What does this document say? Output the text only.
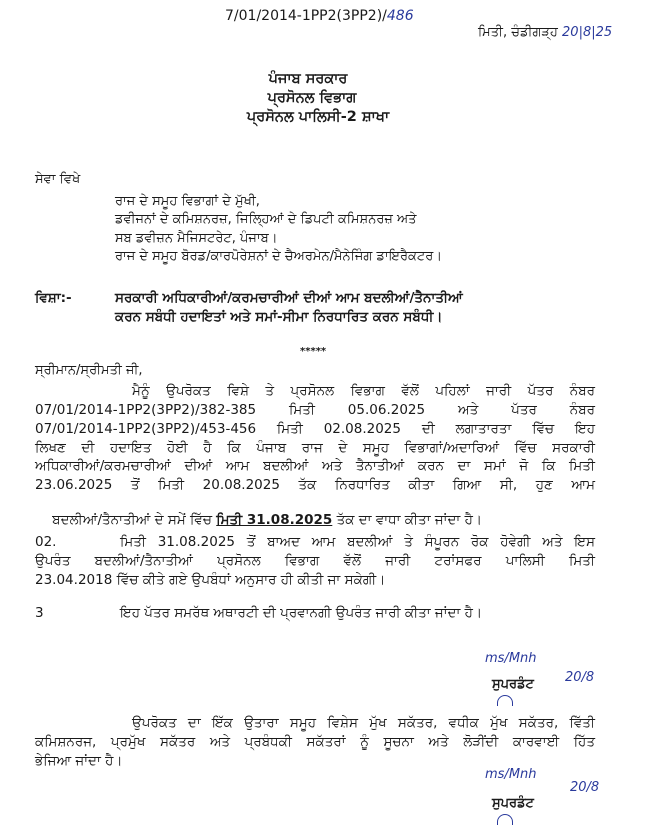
7/01/2014-1PP2(3PP2)/486
ਮਿਤੀ, ਚੰਡੀਗੜ੍ਹ 20|8|25
ਪੰਜਾਬ ਸਰਕਾਰ
ਪ੍ਰਸੋਨਲ ਵਿਭਾਗ
ਪ੍ਰਸੋਨਲ ਪਾਲਿਸੀ-2 ਸ਼ਾਖਾ
ਸੇਵਾ ਵਿਖੇ
ਰਾਜ ਦੇ ਸਮੂਹ ਵਿਭਾਗਾਂ ਦੇ ਮੁੱਖੀ,
ਡਵੀਜਨਾਂ ਦੇ ਕਮਿਸ਼ਨਰਜ਼, ਜਿਲ੍ਹਿਆਂ ਦੇ ਡਿਪਟੀ ਕਮਿਸ਼ਨਰਜ਼ ਅਤੇ
ਸਬ ਡਵੀਜ਼ਨ ਮੈਜਿਸਟਰੇਟ, ਪੰਜਾਬ।
ਰਾਜ ਦੇ ਸਮੂਹ ਬੋਰਡ/ਕਾਰਪੋਰੇਸ਼ਨਾਂ ਦੇ ਚੈਅਰਮੇਨ/ਮੈਨੇਜਿੰਗ ਡਾਇਰੈਕਟਰ।
ਵਿਸ਼ਾ:-	ਸਰਕਾਰੀ ਅਧਿਕਾਰੀਆਂ/ਕਰਮਚਾਰੀਆਂ ਦੀਆਂ ਆਮ ਬਦਲੀਆਂ/ਤੈਨਾਤੀਆਂ
ਕਰਨ ਸਬੰਧੀ ਹਦਾਇਤਾਂ ਅਤੇ ਸਮਾਂ-ਸੀਮਾ ਨਿਰਧਾਰਿਤ ਕਰਨ ਸਬੰਧੀ।
*****
ਸ੍ਰੀਮਾਨ/ਸ੍ਰੀਮਤੀ ਜੀ,
ਮੈਨੂੰ ਉਪਰੋਕਤ ਵਿਸ਼ੇ ਤੇ ਪ੍ਰਸੋਨਲ ਵਿਭਾਗ ਵੱਲੋਂ ਪਹਿਲਾਂ ਜਾਰੀ ਪੱਤਰ ਨੰਬਰ
07/01/2014-1PP2(3PP2)/382-385 ਮਿਤੀ 05.06.2025 ਅਤੇ ਪੱਤਰ ਨੰਬਰ
07/01/2014-1PP2(3PP2)/453-456 ਮਿਤੀ 02.08.2025 ਦੀ ਲਗਾਤਾਰਤਾ ਵਿੱਚ ਇਹ
ਲਿਖਣ ਦੀ ਹਦਾਇਤ ਹੋਈ ਹੈ ਕਿ ਪੰਜਾਬ ਰਾਜ ਦੇ ਸਮੂਹ ਵਿਭਾਗਾਂ/ਅਦਾਰਿਆਂ ਵਿੱਚ ਸਰਕਾਰੀ
ਅਧਿਕਾਰੀਆਂ/ਕਰਮਚਾਰੀਆਂ ਦੀਆਂ ਆਮ ਬਦਲੀਆਂ ਅਤੇ ਤੈਨਾਤੀਆਂ ਕਰਨ ਦਾ ਸਮਾਂ ਜੋ ਕਿ ਮਿਤੀ
23.06.2025 ਤੋਂ ਮਿਤੀ 20.08.2025 ਤੱਕ ਨਿਰਧਾਰਿਤ ਕੀਤਾ ਗਿਆ ਸੀ, ਹੁਣ ਆਮ

ਬਦਲੀਆਂ/ਤੈਨਾਤੀਆਂ ਦੇ ਸਮੇਂ ਵਿੱਚ ਮਿਤੀ 31.08.2025 ਤੱਕ ਦਾ ਵਾਧਾ ਕੀਤਾ ਜਾਂਦਾ ਹੈ।

02.	ਮਿਤੀ 31.08.2025 ਤੋਂ ਬਾਅਦ ਆਮ ਬਦਲੀਆਂ ਤੇ ਸੰਪੂਰਨ ਰੋਕ ਹੋਵੇਗੀ ਅਤੇ ਇਸ
ਉਪਰੰਤ ਬਦਲੀਆਂ/ਤੈਨਾਤੀਆਂ ਪ੍ਰਸੋਨਲ ਵਿਭਾਗ ਵੱਲੋਂ ਜਾਰੀ ਟਰਾਂਸਫਰ ਪਾਲਿਸੀ ਮਿਤੀ
23.04.2018 ਵਿੱਚ ਕੀਤੇ ਗਏ ਉਪਬੰਧਾਂ ਅਨੁਸਾਰ ਹੀ ਕੀਤੀ ਜਾ ਸਕੇਗੀ।
3	ਇਹ ਪੱਤਰ ਸਮਰੱਥ ਅਥਾਰਟੀ ਦੀ ਪ੍ਰਵਾਨਗੀ ਉਪਰੰਤ ਜਾਰੀ ਕੀਤਾ ਜਾਂਦਾ ਹੈ।
ms/Mnh
20/8
ਸੁਪਰਡੰਟ
ਉਪਰੋਕਤ ਦਾ ਇੱਕ ਉਤਾਰਾ ਸਮੂਹ ਵਿਸ਼ੇਸ ਮੁੱਖ ਸਕੱਤਰ, ਵਧੀਕ ਮੁੱਖ ਸਕੱਤਰ, ਵਿੱਤੀ
ਕਮਿਸ਼ਨਰਜ, ਪ੍ਰਮੁੱਖ ਸਕੱਤਰ ਅਤੇ ਪ੍ਰਬੰਧਕੀ ਸਕੱਤਰਾਂ ਨੂੰ ਸੂਚਨਾ ਅਤੇ ਲੋੜੀਂਦੀ ਕਾਰਵਾਈ ਹਿੱਤ
ਭੇਜਿਆ ਜਾਂਦਾ ਹੈ।
ms/Mnh
20/8
ਸੁਪਰਡੰਟ
